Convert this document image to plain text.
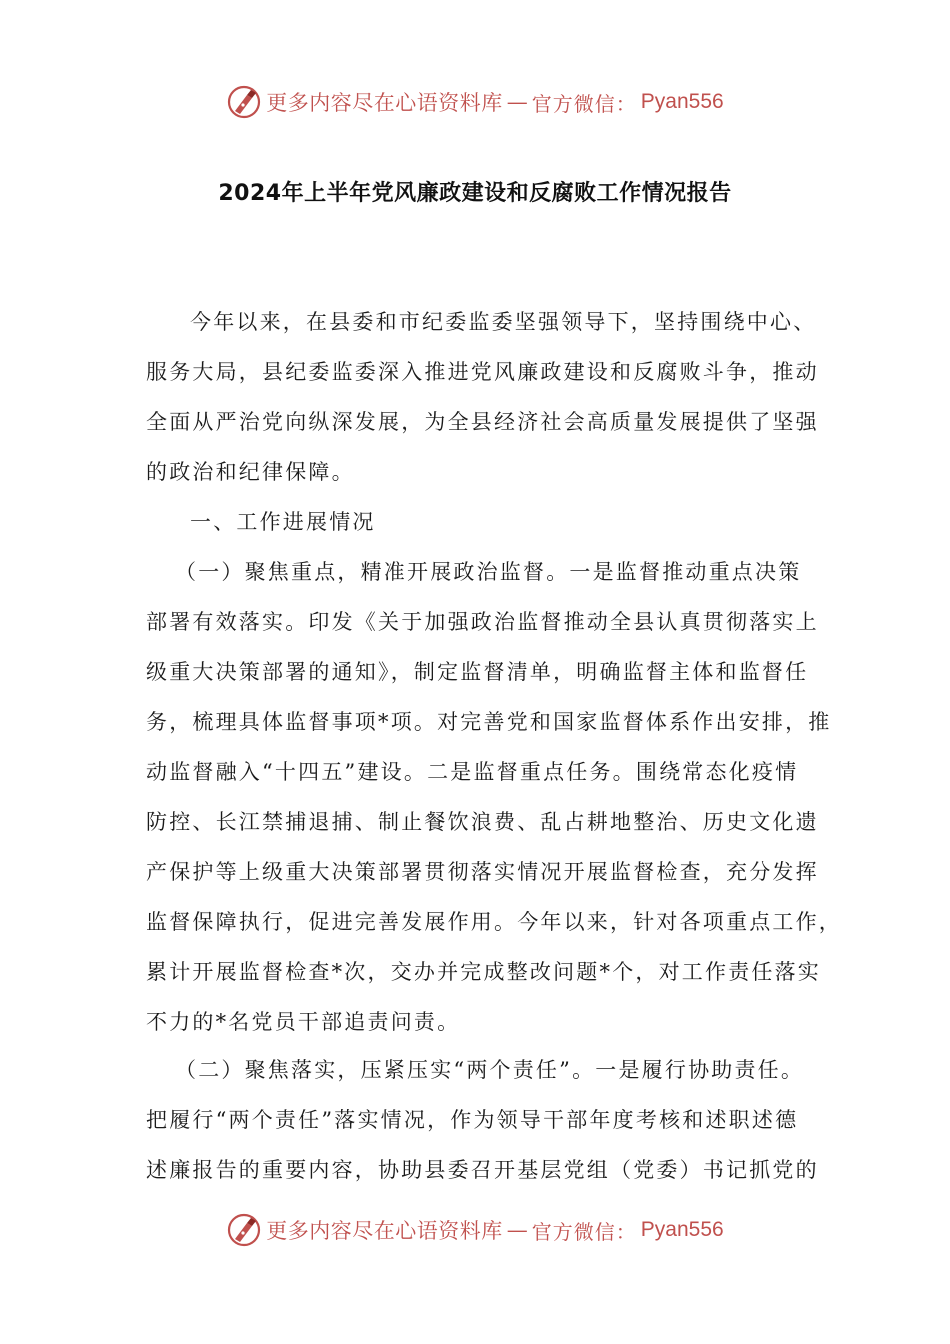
更多内容尽在心语资料库 — 官方微信： Pyan556
2024年上半年党风廉政建设和反腐败工作情况报告
今年以来，在县委和市纪委监委坚强领导下，坚持围绕中心、
服务大局，县纪委监委深入推进党风廉政建设和反腐败斗争，推动
全面从严治党向纵深发展，为全县经济社会高质量发展提供了坚强
的政治和纪律保障。
一、工作进展情况
（一）聚焦重点，精准开展政治监督。一是监督推动重点决策
部署有效落实。印发《关于加强政治监督推动全县认真贯彻落实上
级重大决策部署的通知》，制定监督清单，明确监督主体和监督任
务，梳理具体监督事项*项。对完善党和国家监督体系作出安排，推
动监督融入“十四五”建设。二是监督重点任务。围绕常态化疫情
防控、长江禁捕退捕、制止餐饮浪费、乱占耕地整治、历史文化遗
产保护等上级重大决策部署贯彻落实情况开展监督检查，充分发挥
监督保障执行，促进完善发展作用。今年以来，针对各项重点工作，
累计开展监督检查*次，交办并完成整改问题*个，对工作责任落实
不力的*名党员干部追责问责。
（二）聚焦落实，压紧压实“两个责任”。一是履行协助责任。
把履行“两个责任”落实情况，作为领导干部年度考核和述职述德
述廉报告的重要内容，协助县委召开基层党组（党委）书记抓党的
更多内容尽在心语资料库 — 官方微信： Pyan556
